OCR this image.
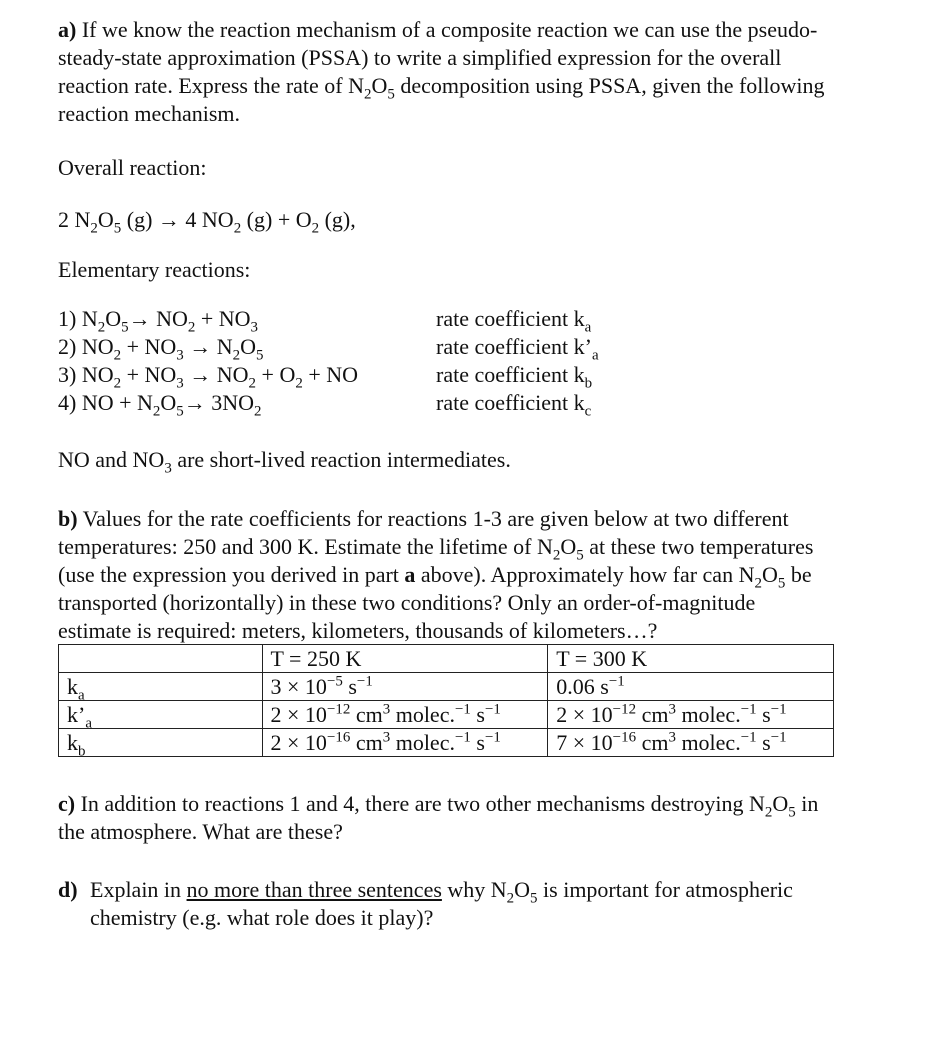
a) If we know the reaction mechanism of a composite reaction we can use the pseudo-
steady-state approximation (PSSA) to write a simplified expression for the overall
reaction rate. Express the rate of $N_2O_5$ decomposition using PSSA, given the following
reaction mechanism.
Overall reaction:
2 $N_2O_5$ (g) → 4 $NO_2$ $(g) + O_2$ (g),
Elementary reactions:
1) $N_2O_5\to NO_2 + NO_3$	rate coefficient $k_a$
2) $NO_2 + NO_3 \to N_2O_5$	rate coefficient $k’_a$
3) $NO_2 + NO_3 \to NO_2 + O_2$ + NO	rate coefficient $k_b$
4) NO + $N_2O_5\to 3NO_2$	rate coefficient $k_c$
NO and $NO_3$ are short-lived reaction intermediates.
b) Values for the rate coefficients for reactions 1-3 are given below at two different
temperatures: 250 and 300 K. Estimate the lifetime of $N_2O_5$ at these two temperatures
(use the expression you derived in part a above). Approximately how far can $N_2O_5$ be
transported (horizontally) in these two conditions? Only an order-of-magnitude
estimate is required: meters, kilometers, thousands of kilometers…?
	T = 250 K	T = 300 K
$k_a$	$3 \times 10^{-5}$ $s^{-1}$	0.06 $s^{-1}$
$k’_a$	$2 \times 10^{-12}$ $cm^3$ molec.$^{-1}$ $s^{-1}$	$2 \times 10^{-12}$ $cm^3$ molec.$^{-1}$ $s^{-1}$
$k_b$	$2 \times 10^{-16}$ $cm^3$ molec.$^{-1}$ $s^{-1}$	$7 \times 10^{-16}$ $cm^3$ molec.$^{-1}$ $s^{-1}$
c) In addition to reactions 1 and 4, there are two other mechanisms destroying $N_2O_5$ in
the atmosphere. What are these?
d) Explain in no more than three sentences why $N_2O_5$ is important for atmospheric
chemistry (e.g. what role does it play)?
